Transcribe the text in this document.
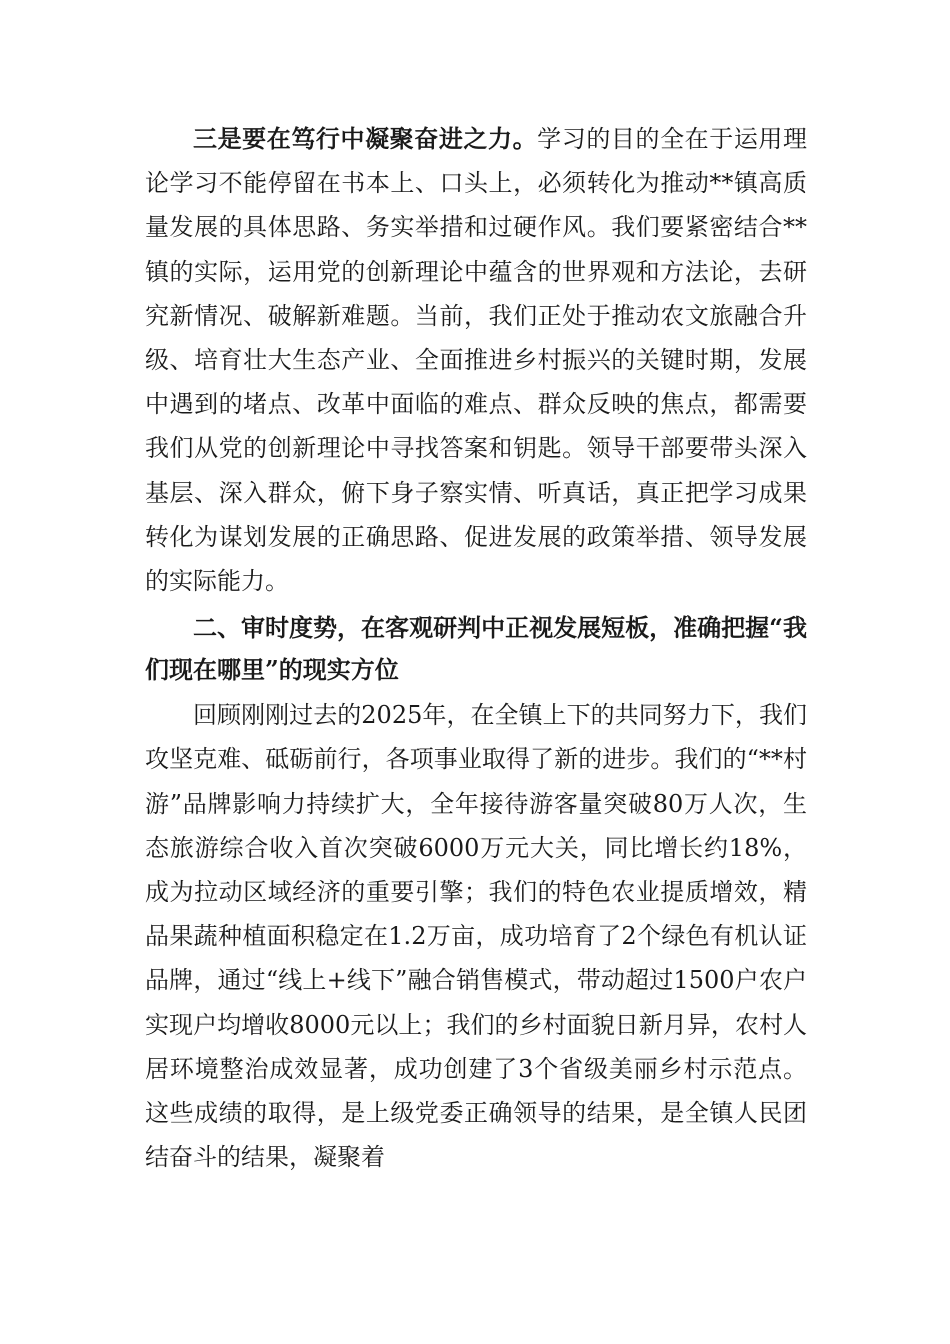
三是要在笃行中凝聚奋进之力。学习的目的全在于运用理论学习不能停留在书本上、口头上，必须转化为推动**镇高质量发展的具体思路、务实举措和过硬作风。我们要紧密结合**镇的实际，运用党的创新理论中蕴含的世界观和方法论，去研究新情况、破解新难题。当前，我们正处于推动农文旅融合升级、培育壮大生态产业、全面推进乡村振兴的关键时期，发展中遇到的堵点、改革中面临的难点、群众反映的焦点，都需要我们从党的创新理论中寻找答案和钥匙。领导干部要带头深入基层、深入群众，俯下身子察实情、听真话，真正把学习成果转化为谋划发展的正确思路、促进发展的政策举措、领导发展的实际能力。

二、审时度势，在客观研判中正视发展短板，准确把握“我们现在哪里”的现实方位

回顾刚刚过去的2025年，在全镇上下的共同努力下，我们攻坚克难、砥砺前行，各项事业取得了新的进步。我们的“**村游”品牌影响力持续扩大，全年接待游客量突破80万人次，生态旅游综合收入首次突破6000万元大关，同比增长约18%，成为拉动区域经济的重要引擎；我们的特色农业提质增效，精品果蔬种植面积稳定在1.2万亩，成功培育了2个绿色有机认证品牌，通过“线上+线下”融合销售模式，带动超过1500户农户实现户均增收8000元以上；我们的乡村面貌日新月异，农村人居环境整治成效显著，成功创建了3个省级美丽乡村示范点。这些成绩的取得，是上级党委正确领导的结果，是全镇人民团结奋斗的结果，凝聚着
